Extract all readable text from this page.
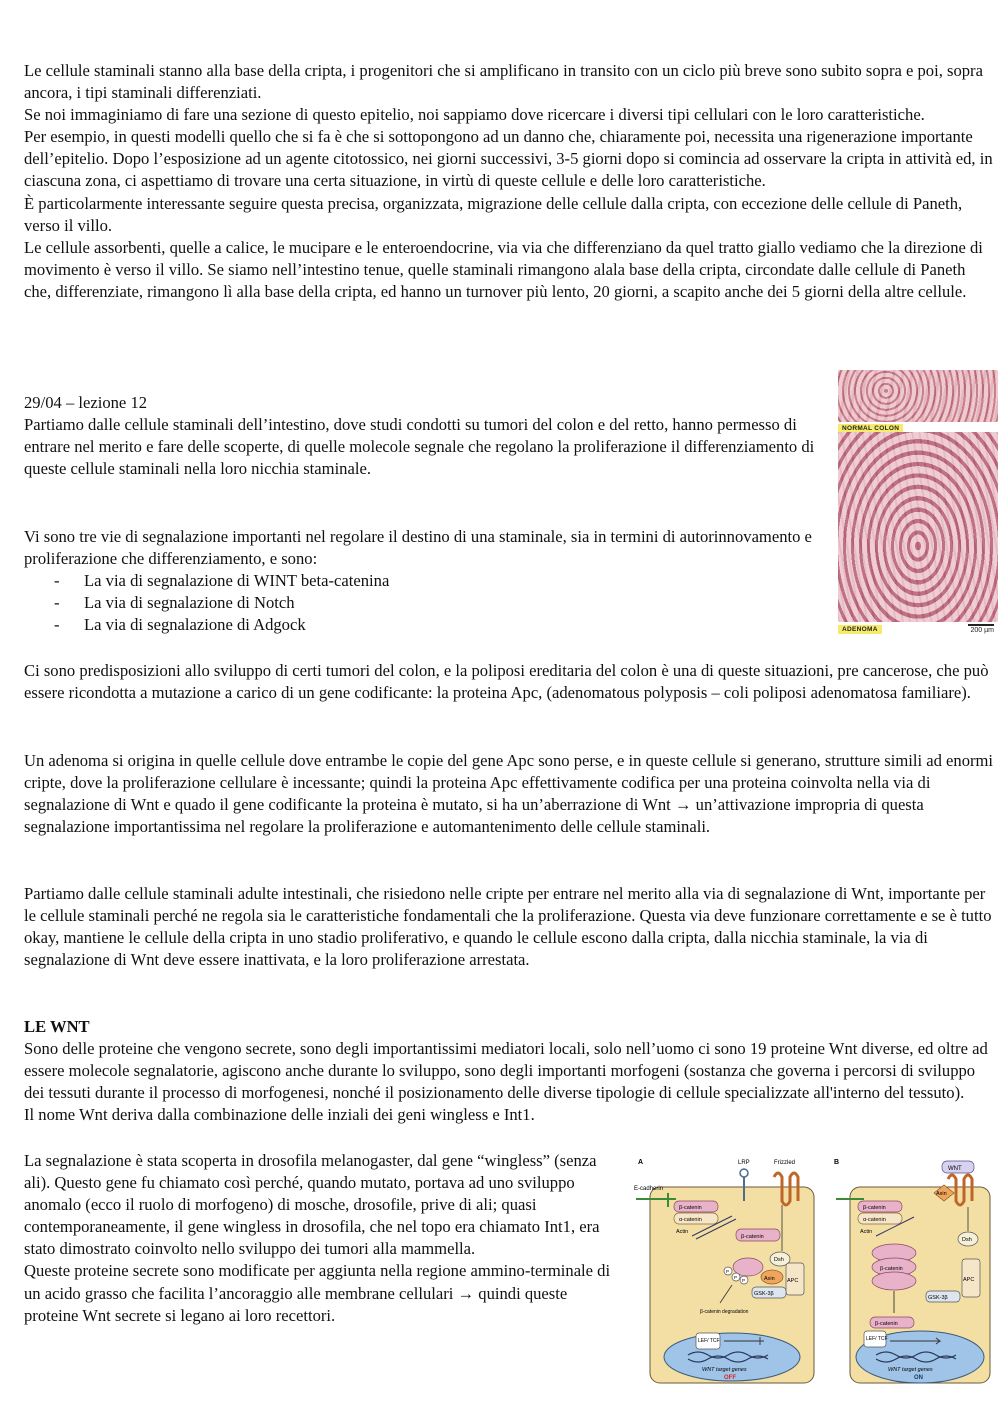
Le cellule staminali stanno alla base della cripta, i progenitori che si amplificano in transito con un ciclo più breve sono subito sopra e poi, sopra ancora, i tipi staminali differenziati.

Se noi immaginiamo di fare una sezione di questo epitelio, noi sappiamo dove ricercare i diversi tipi cellulari con le loro caratteristiche.

Per esempio, in questi modelli quello che si fa è che si sottopongono ad un danno che, chiaramente poi, necessita una rigenerazione importante dell’epitelio. Dopo l’esposizione ad un agente citotossico, nei giorni successivi, 3-5 giorni dopo si comincia ad osservare la cripta in attività ed, in ciascuna zona, ci aspettiamo di trovare una certa situazione, in virtù di queste cellule e delle loro caratteristiche.

È particolarmente interessante seguire questa precisa, organizzata, migrazione delle cellule dalla cripta, con eccezione delle cellule di Paneth, verso il villo.

Le cellule assorbenti, quelle a calice, le mucipare e le enteroendocrine, via via che differenziano da quel tratto giallo vediamo che la direzione di movimento è verso il villo. Se siamo nell’intestino tenue, quelle staminali rimangono alala base della cripta, circondate dalle cellule di Paneth che, differenziate, rimangono lì alla base della cripta, ed hanno un turnover più lento, 20 giorni, a scapito anche dei 5 giorni della altre cellule.

29/04 – lezione 12

Partiamo dalle cellule staminali dell’intestino, dove studi condotti su tumori del colon e del retto, hanno permesso di entrare nel merito e fare delle scoperte, di quelle molecole segnale che regolano la proliferazione il differenziamento di queste cellule staminali nella loro nicchia staminale.

Vi sono tre vie di segnalazione importanti nel regolare il destino di una staminale, sia in termini di autorinnovamento e proliferazione che differenziamento, e sono:

- La via di segnalazione di WINT beta-catenina
- La via di segnalazione di Notch
- La via di segnalazione di Adgock
NORMAL COLON
ADENOMA	200 µm

Ci sono predisposizioni allo sviluppo di certi tumori del colon, e la poliposi ereditaria del colon è una di queste situazioni, pre cancerose, che può essere ricondotta a mutazione a carico di un gene codificante: la proteina Apc, (adenomatous polyposis – coli poliposi adenomatosa familiare).

Un adenoma si origina in quelle cellule dove entrambe le copie del gene Apc sono perse, e in queste cellule si generano, strutture simili ad enormi cripte, dove la proliferazione cellulare è incessante; quindi la proteina Apc effettivamente codifica per una proteina coinvolta nella via di segnalazione di Wnt e quado il gene codificante la proteina è mutato, si ha un’aberrazione di Wnt → un’attivazione impropria di questa segnalazione importantissima nel regolare la proliferazione e automantenimento delle cellule staminali.

Partiamo dalle cellule staminali adulte intestinali, che risiedono nelle cripte per entrare nel merito alla via di segnalazione di Wnt, importante per le cellule staminali perché ne regola sia le caratteristiche fondamentali che la proliferazione. Questa via deve funzionare correttamente e se è tutto okay, mantiene le cellule della cripta in uno stadio proliferativo, e quando le cellule escono dalla cripta, dalla nicchia staminale, la via di segnalazione di Wnt deve essere inattivata, e la loro proliferazione arrestata.

LE WNT

Sono delle proteine che vengono secrete, sono degli importantissimi mediatori locali, solo nell’uomo ci sono 19 proteine Wnt diverse, ed oltre ad essere molecole segnalatorie, agiscono anche durante lo sviluppo, sono degli importanti morfogeni (sostanza che governa i percorsi di sviluppo dei tessuti durante il processo di morfogenesi, nonché il posizionamento delle diverse tipologie di cellule specializzate all'interno del tessuto).

Il nome Wnt deriva dalla combinazione delle inziali dei geni wingless e Int1.

La segnalazione è stata scoperta in drosofila melanogaster, dal gene “wingless” (senza ali). Questo gene fu chiamato così perché, quando mutato, portava ad uno sviluppo anomalo (ecco il ruolo di morfogeno) di mosche, drosofile, prive di ali; quasi contemporaneamente, il gene wingless in drosofila, che nel topo era chiamato Int1, era stato dimostrato coinvolto nello sviluppo dei tumori alla mammella.

Queste proteine secrete sono modificate per aggiunta nella regione ammino-terminale di un acido grasso che facilita l’ancoraggio alle membrane cellulari → quindi queste proteine Wnt secrete si legano ai loro recettori.

A	LRP	Frizzled
E-cadherin
β-catenin
α-catenin
Actin
β-catenin
Dsh
P
P
P	Axin APC
GSK-3β
β-catenin degradation
LEF/ TCF
WNT target genes
OFF
B
WNT
β-catenin
α-catenin
Actin
Axin
Dsh
β-catenin
APC
GSK-3β
β-catenin
LEF/ TCF
WNT target genes
ON
